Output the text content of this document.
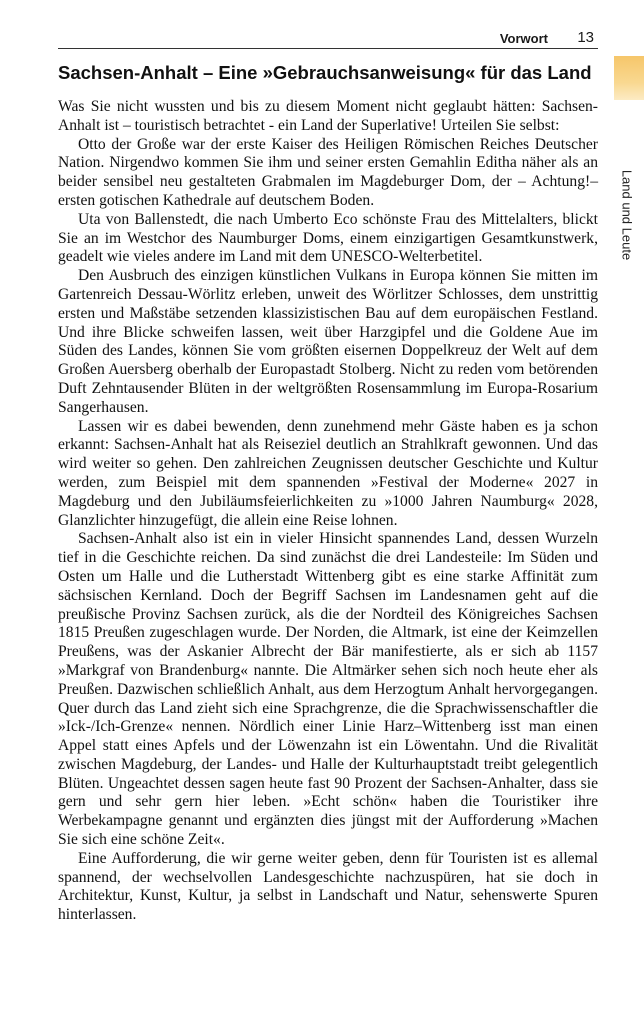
Vorwort 13
Land und Leute
Sachsen-Anhalt – Eine »Gebrauchsanweisung« für das Land

Was Sie nicht wussten und bis zu diesem Moment nicht geglaubt hätten: Sachsen-Anhalt ist – touristisch betrachtet - ein Land der Superlative! Urteilen Sie selbst:

Otto der Große war der erste Kaiser des Heiligen Römischen Reiches Deutscher Nation. Nirgendwo kommen Sie ihm und seiner ersten Gemahlin Editha näher als an beider sensibel neu gestalteten Grabmalen im Magdeburger Dom, der – Achtung!– ersten gotischen Kathedrale auf deutschem Boden.

Uta von Ballenstedt, die nach Umberto Eco schönste Frau des Mittelalters, blickt Sie an im Westchor des Naumburger Doms, einem einzigartigen Gesamtkunstwerk, geadelt wie vieles andere im Land mit dem UNESCO-Welterbetitel.

Den Ausbruch des einzigen künstlichen Vulkans in Europa können Sie mitten im Gartenreich Dessau-Wörlitz erleben, unweit des Wörlitzer Schlosses, dem unstrittig ersten und Maßstäbe setzenden klassizistischen Bau auf dem europäischen Festland. Und ihre Blicke schweifen lassen, weit über Harzgipfel und die Goldene Aue im Süden des Landes, können Sie vom größten eisernen Doppelkreuz der Welt auf dem Großen Auersberg oberhalb der Europastadt Stolberg. Nicht zu reden vom betörenden Duft Zehntausender Blüten in der weltgrößten Rosensammlung im Europa-Rosarium Sangerhausen.

Lassen wir es dabei bewenden, denn zunehmend mehr Gäste haben es ja schon erkannt: Sachsen-Anhalt hat als Reiseziel deutlich an Strahlkraft gewonnen. Und das wird weiter so gehen. Den zahlreichen Zeugnissen deutscher Geschichte und Kultur werden, zum Beispiel mit dem spannenden »Festival der Moderne« 2027 in Magdeburg und den Jubiläumsfeierlichkeiten zu »1000 Jahren Naumburg« 2028, Glanzlichter hinzugefügt, die allein eine Reise lohnen.

Sachsen-Anhalt also ist ein in vieler Hinsicht spannendes Land, dessen Wurzeln tief in die Geschichte reichen. Da sind zunächst die drei Landesteile: Im Süden und Osten um Halle und die Lutherstadt Wittenberg gibt es eine starke Affinität zum sächsischen Kernland. Doch der Begriff Sachsen im Landesnamen geht auf die preußische Provinz Sachsen zurück, als die der Nordteil des Königreiches Sachsen 1815 Preußen zugeschlagen wurde. Der Norden, die Altmark, ist eine der Keimzellen Preußens, was der Askanier Albrecht der Bär manifestierte, als er sich ab 1157 »Markgraf von Brandenburg« nannte. Die Altmärker sehen sich noch heute eher als Preußen. Dazwischen schließlich Anhalt, aus dem Herzogtum Anhalt hervorgegangen. Quer durch das Land zieht sich eine Sprachgrenze, die die Sprachwissenschaftler die »Ick-/Ich-Grenze« nennen. Nördlich einer Linie Harz–Wittenberg isst man einen Appel statt eines Apfels und der Löwenzahn ist ein Löwentahn. Und die Rivalität zwischen Magdeburg, der Landes- und Halle der Kulturhauptstadt treibt gelegentlich Blüten. Ungeachtet dessen sagen heute fast 90 Prozent der Sachsen-Anhalter, dass sie gern und sehr gern hier leben. »Echt schön« haben die Touristiker ihre Werbekampagne genannt und ergänzten dies jüngst mit der Aufforderung »Machen Sie sich eine schöne Zeit«.

Eine Aufforderung, die wir gerne weiter geben, denn für Touristen ist es allemal spannend, der wechselvollen Landesgeschichte nachzuspüren, hat sie doch in Architektur, Kunst, Kultur, ja selbst in Landschaft und Natur, sehenswerte Spuren hinterlassen.
